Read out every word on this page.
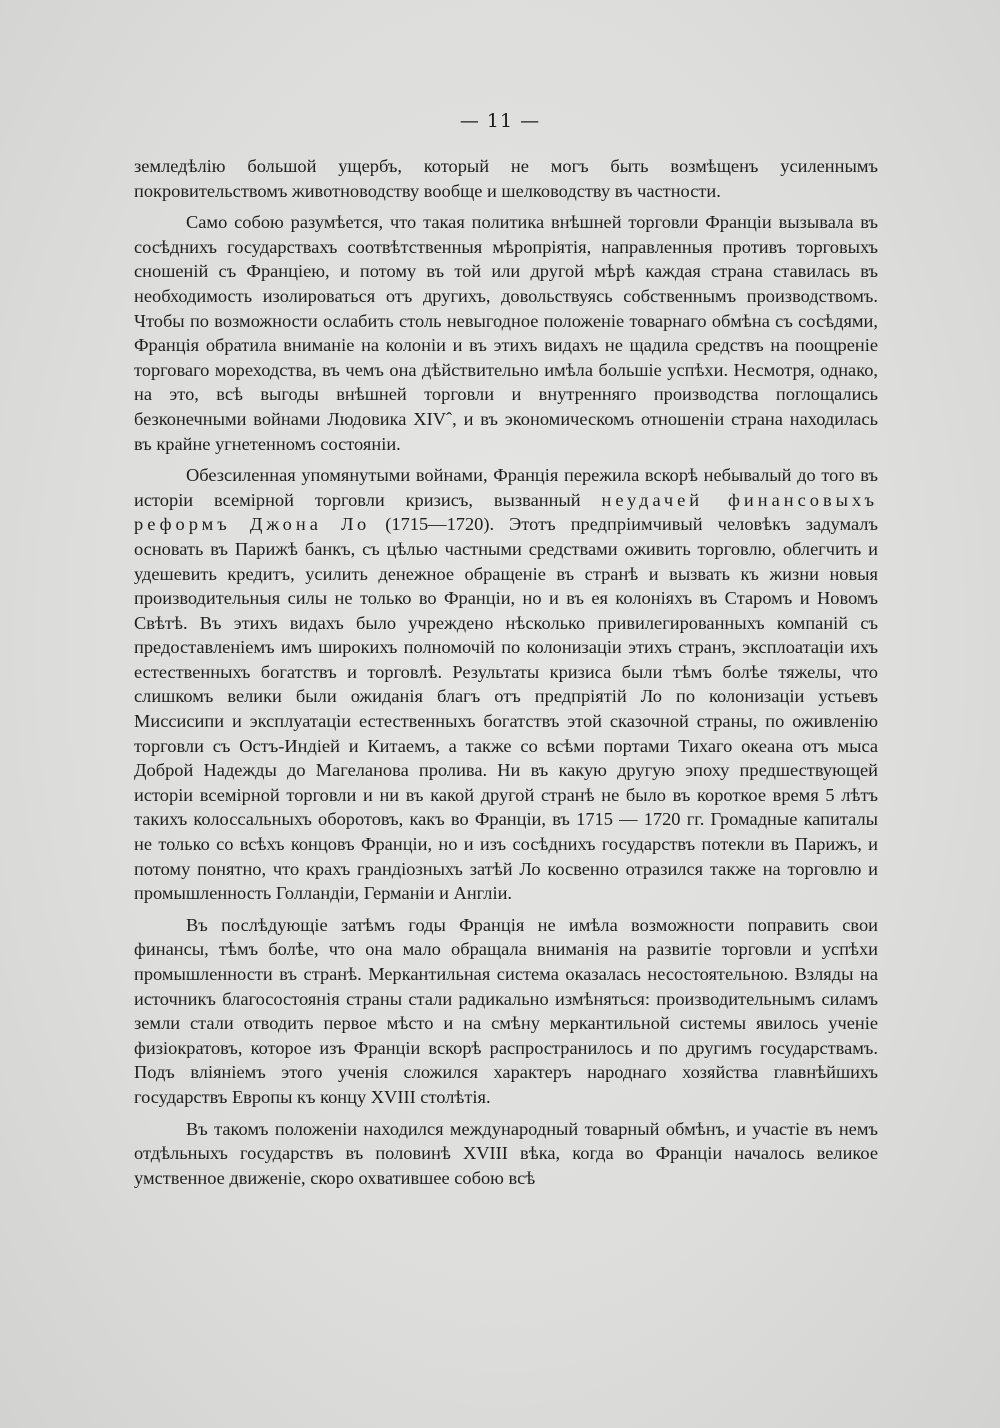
— 11 —

земледѣлію большой ущербъ, который не могъ быть возмѣщенъ усиленнымъ покровительствомъ животноводству вообще и шелководству въ частности.

Само собою разумѣется, что такая политика внѣшней торговли Франціи вызывала въ сосѣднихъ государствахъ соотвѣтственныя мѣропріятія, направленныя противъ торговыхъ сношеній съ Франціею, и потому въ той или другой мѣрѣ каждая страна ставилась въ необходимость изолироваться отъ другихъ, довольствуясь собственнымъ производствомъ. Чтобы по возможности ослабить столь невыгодное положеніе товарнаго обмѣна съ сосѣдями, Франція обратила вниманіе на колоніи и въ этихъ видахъ не щадила средствъ на поощреніе торговаго мореходства, въ чемъ она дѣйствительно имѣла большіе успѣхи. Несмотря, однако, на это, всѣ выгоды внѣшней торговли и внутренняго производства поглощались безконечными войнами Людовика XIVˆ, и въ экономическомъ отношеніи страна находилась въ крайне угнетенномъ состояніи.

Обезсиленная упомянутыми войнами, Франція пережила вскорѣ небывалый до того въ исторіи всемірной торговли кризисъ, вызванный неудачей финансовыхъ реформъ Джона Ло (1715—1720). Этотъ предпріимчивый человѣкъ задумалъ основать въ Парижѣ банкъ, съ цѣлью частными средствами оживить торговлю, облегчить и удешевить кредитъ, усилить денежное обращеніе въ странѣ и вызвать къ жизни новыя производительныя силы не только во Франціи, но и въ ея колоніяхъ въ Старомъ и Новомъ Свѣтѣ. Въ этихъ видахъ было учреждено нѣсколько привилегированныхъ компаній съ предоставленіемъ имъ широкихъ полномочій по колонизаціи этихъ странъ, эксплоатаціи ихъ естественныхъ богатствъ и торговлѣ. Результаты кризиса были тѣмъ болѣе тяжелы, что слишкомъ велики были ожиданія благъ отъ предпріятій Ло по колонизаціи устьевъ Миссисипи и эксплуатаціи естественныхъ богатствъ этой сказочной страны, по оживленію торговли съ Остъ-Индіей и Китаемъ, а также со всѣми портами Тихаго океана отъ мыса Доброй Надежды до Магеланова пролива. Ни въ какую другую эпоху предшествующей исторіи всемірной торговли и ни въ какой другой странѣ не было въ короткое время 5 лѣтъ такихъ колоссальныхъ оборотовъ, какъ во Франціи, въ 1715 — 1720 гг. Громадные капиталы не только со всѣхъ концовъ Франціи, но и изъ сосѣднихъ государствъ потекли въ Парижъ, и потому понятно, что крахъ грандіозныхъ затѣй Ло косвенно отразился также на торговлю и промышленность Голландіи, Германіи и Англіи.

Въ послѣдующіе затѣмъ годы Франція не имѣла возможности поправить свои финансы, тѣмъ болѣе, что она мало обращала вниманія на развитіе торговли и успѣхи промышленности въ странѣ. Меркантильная система оказалась несостоятельною. Взляды на источникъ благосостоянія страны стали радикально измѣняться: производительнымъ силамъ земли стали отводить первое мѣсто и на смѣну меркантильной системы явилось ученіе физіократовъ, которое изъ Франціи вскорѣ распространилось и по другимъ государствамъ. Подъ вліяніемъ этого ученія сложился характеръ народнаго хозяйства главнѣйшихъ государствъ Европы къ концу XVIII столѣтія.

Въ такомъ положеніи находился международный товарный обмѣнъ, и участіе въ немъ отдѣльныхъ государствъ въ половинѣ XVIII вѣка, когда во Франціи началось великое умственное движеніе, скоро охватившее собою всѣ
